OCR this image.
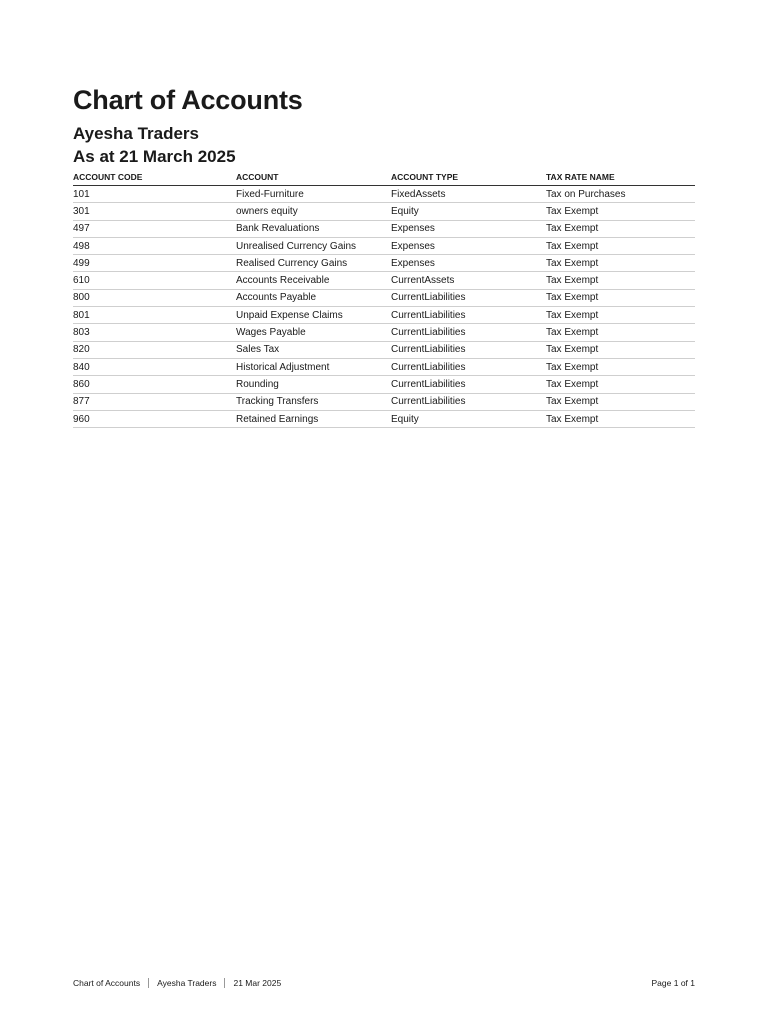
Chart of Accounts
Ayesha Traders
As at 21 March 2025
ACCOUNT CODE	ACCOUNT	ACCOUNT TYPE	TAX RATE NAME
101	Fixed-Furniture	FixedAssets	Tax on Purchases
301	owners equity	Equity	Tax Exempt
497	Bank Revaluations	Expenses	Tax Exempt
498	Unrealised Currency Gains	Expenses	Tax Exempt
499	Realised Currency Gains	Expenses	Tax Exempt
610	Accounts Receivable	CurrentAssets	Tax Exempt
800	Accounts Payable	CurrentLiabilities	Tax Exempt
801	Unpaid Expense Claims	CurrentLiabilities	Tax Exempt
803	Wages Payable	CurrentLiabilities	Tax Exempt
820	Sales Tax	CurrentLiabilities	Tax Exempt
840	Historical Adjustment	CurrentLiabilities	Tax Exempt
860	Rounding	CurrentLiabilities	Tax Exempt
877	Tracking Transfers	CurrentLiabilities	Tax Exempt
960	Retained Earnings	Equity	Tax Exempt
Chart of Accounts Ayesha Traders 21 Mar 2025	Page 1 of 1
